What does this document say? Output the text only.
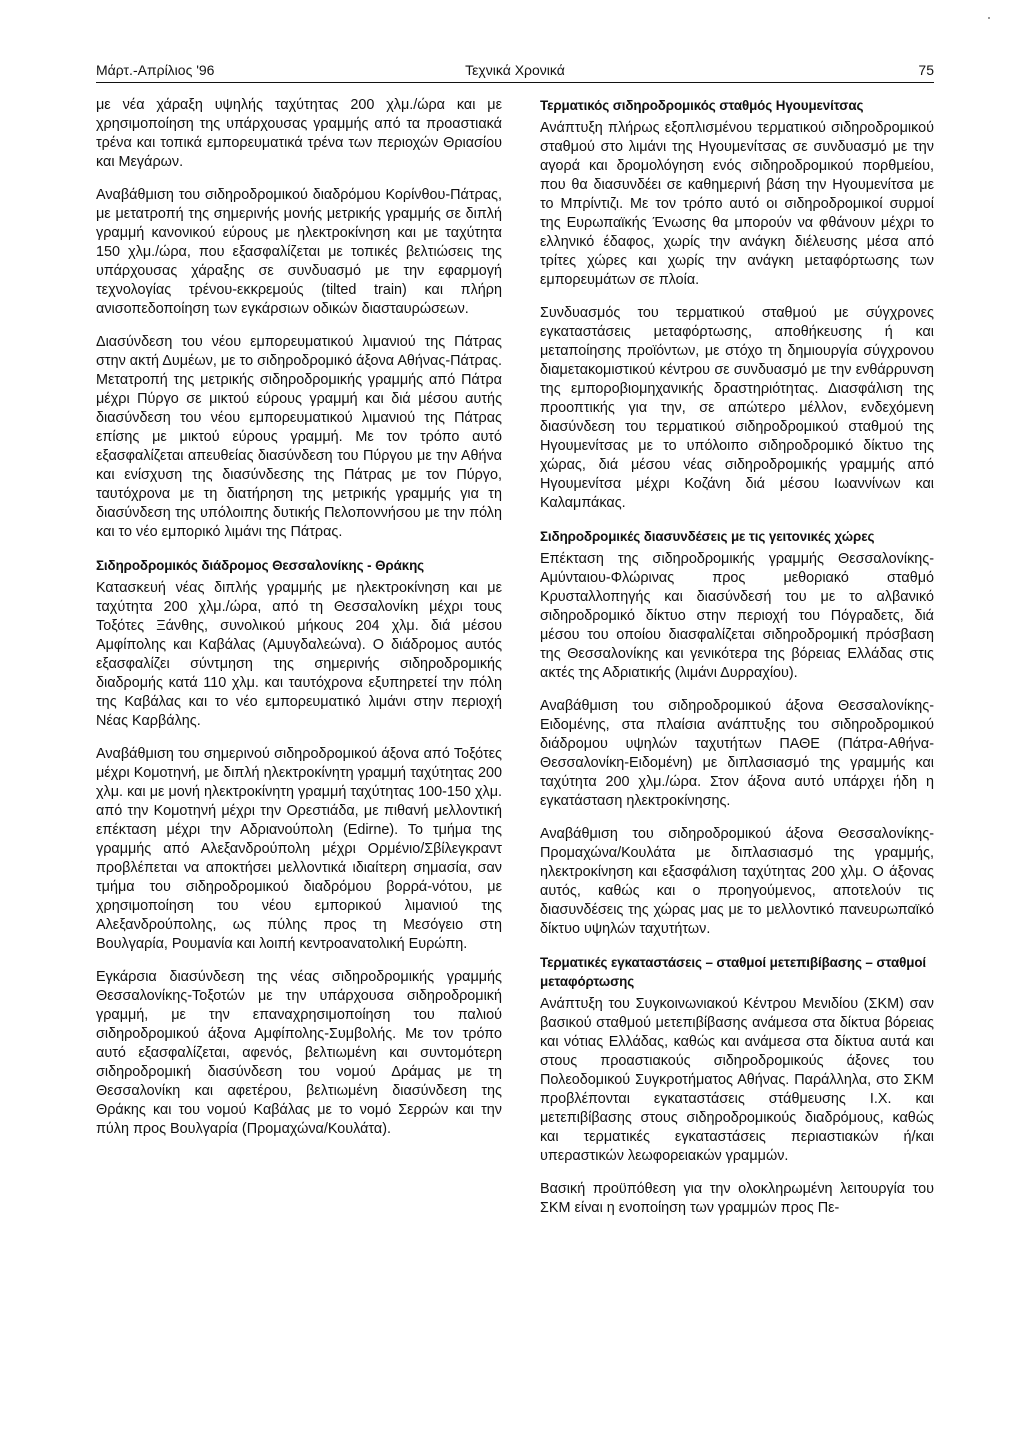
Μάρτ.-Απρίλιος '96	Τεχνικά Χρονικά	75

με νέα χάραξη υψηλής ταχύτητας 200 χλμ./ώρα και με χρησιμοποίηση της υπάρχουσας γραμμής από τα προαστιακά τρένα και τοπικά εμπορευματικά τρένα των περιοχών Θριασίου και Μεγάρων.

Αναβάθμιση του σιδηροδρομικού διαδρόμου Κορίνθου-Πάτρας, με μετατροπή της σημερινής μονής μετρικής γραμμής σε διπλή γραμμή κανονικού εύρους με ηλεκτροκίνηση και με ταχύτητα 150 χλμ./ώρα, που εξασφαλίζεται με τοπικές βελτιώσεις της υπάρχουσας χάραξης σε συνδυασμό με την εφαρμογή τεχνολογίας τρένου-εκκρεμούς (tilted train) και πλήρη ανισοπεδοποίηση των εγκάρσιων οδικών διασταυρώσεων.

Διασύνδεση του νέου εμπορευματικού λιμανιού της Πάτρας στην ακτή Δυμέων, με το σιδηροδρομικό άξονα Αθήνας-Πάτρας. Μετατροπή της μετρικής σιδηροδρομικής γραμμής από Πάτρα μέχρι Πύργο σε μικτού εύρους γραμμή και διά μέσου αυτής διασύνδεση του νέου εμπορευματικού λιμανιού της Πάτρας επίσης με μικτού εύρους γραμμή. Με τον τρόπο αυτό εξασφαλίζεται απευθείας διασύνδεση του Πύργου με την Αθήνα και ενίσχυση της διασύνδεσης της Πάτρας με τον Πύργο, ταυτόχρονα με τη διατήρηση της μετρικής γραμμής για τη διασύνδεση της υπόλοιπης δυτικής Πελοποννήσου με την πόλη και το νέο εμπορικό λιμάνι της Πάτρας.

Σιδηροδρομικός διάδρομος Θεσσαλονίκης - Θράκης

Κατασκευή νέας διπλής γραμμής με ηλεκτροκίνηση και με ταχύτητα 200 χλμ./ώρα, από τη Θεσσαλονίκη μέχρι τους Τοξότες Ξάνθης, συνολικού μήκους 204 χλμ. διά μέσου Αμφίπολης και Καβάλας (Αμυγδαλεώνα). Ο διάδρομος αυτός εξασφαλίζει σύντμηση της σημερινής σιδηροδρομικής διαδρομής κατά 110 χλμ. και ταυτόχρονα εξυπηρετεί την πόλη της Καβάλας και το νέο εμπορευματικό λιμάνι στην περιοχή Νέας Καρβάλης.

Αναβάθμιση του σημερινού σιδηροδρομικού άξονα από Τοξότες μέχρι Κομοτηνή, με διπλή ηλεκτροκίνητη γραμμή ταχύτητας 200 χλμ. και με μονή ηλεκτροκίνητη γραμμή ταχύτητας 100-150 χλμ. από την Κομοτηνή μέχρι την Ορεστιάδα, με πιθανή μελλοντική επέκταση μέχρι την Αδριανούπολη (Edirne). Το τμήμα της γραμμής από Αλεξανδρούπολη μέχρι Ορμένιο/Σβίλεγκραντ προβλέπεται να αποκτήσει μελλοντικά ιδιαίτερη σημασία, σαν τμήμα του σιδηροδρομικού διαδρόμου βορρά-νότου, με χρησιμοποίηση του νέου εμπορικού λιμανιού της Αλεξανδρούπολης, ως πύλης προς τη Μεσόγειο στη Βουλγαρία, Ρουμανία και λοιπή κεντροανατολική Ευρώπη.

Εγκάρσια διασύνδεση της νέας σιδηροδρομικής γραμμής Θεσσαλονίκης-Τοξοτών με την υπάρχουσα σιδηροδρομική γραμμή, με την επαναχρησιμοποίηση του παλιού σιδηροδρομικού άξονα Αμφίπολης-Συμβολής. Με τον τρόπο αυτό εξασφαλίζεται, αφενός, βελτιωμένη και συντομότερη σιδηροδρομική διασύνδεση του νομού Δράμας με τη Θεσσαλονίκη και αφετέρου, βελτιωμένη διασύνδεση της Θράκης και του νομού Καβάλας με το νομό Σερρών και την πύλη προς Βουλγαρία (Προμαχώνα/Κουλάτα).

Τερματικός σιδηροδρομικός σταθμός Ηγουμενίτσας

Ανάπτυξη πλήρως εξοπλισμένου τερματικού σιδηροδρομικού σταθμού στο λιμάνι της Ηγουμενίτσας σε συνδυασμό με την αγορά και δρομολόγηση ενός σιδηροδρομικού πορθμείου, που θα διασυνδέει σε καθημερινή βάση την Ηγουμενίτσα με το Μπρίντιζι. Με τον τρόπο αυτό οι σιδηροδρομικοί συρμοί της Ευρωπαϊκής Ένωσης θα μπορούν να φθάνουν μέχρι το ελληνικό έδαφος, χωρίς την ανάγκη διέλευσης μέσα από τρίτες χώρες και χωρίς την ανάγκη μεταφόρτωσης των εμπορευμάτων σε πλοία.

Συνδυασμός του τερματικού σταθμού με σύγχρονες εγκαταστάσεις μεταφόρτωσης, αποθήκευσης ή και μεταποίησης προϊόντων, με στόχο τη δημιουργία σύγχρονου διαμετακομιστικού κέντρου σε συνδυασμό με την ενθάρρυνση της εμποροβιομηχανικής δραστηριότητας. Διασφάλιση της προοπτικής για την, σε απώτερο μέλλον, ενδεχόμενη διασύνδεση του τερματικού σιδηροδρομικού σταθμού της Ηγουμενίτσας με το υπόλοιπο σιδηροδρομικό δίκτυο της χώρας, διά μέσου νέας σιδηροδρομικής γραμμής από Ηγουμενίτσα μέχρι Κοζάνη διά μέσου Ιωαννίνων και Καλαμπάκας.

Σιδηροδρομικές διασυνδέσεις με τις γειτονικές χώρες

Επέκταση της σιδηροδρομικής γραμμής Θεσσαλονίκης-Αμύνταιου-Φλώρινας προς μεθοριακό σταθμό Κρυσταλλοπηγής και διασύνδεσή του με το αλβανικό σιδηροδρομικό δίκτυο στην περιοχή του Πόγραδετς, διά μέσου του οποίου διασφαλίζεται σιδηροδρομική πρόσβαση της Θεσσαλονίκης και γενικότερα της βόρειας Ελλάδας στις ακτές της Αδριατικής (λιμάνι Δυρραχίου).

Αναβάθμιση του σιδηροδρομικού άξονα Θεσσαλονίκης-Ειδομένης, στα πλαίσια ανάπτυξης του σιδηροδρομικού διάδρομου υψηλών ταχυτήτων ΠΑΘΕ (Πάτρα-Αθήνα-Θεσσαλονίκη-Ειδομένη) με διπλασιασμό της γραμμής και ταχύτητα 200 χλμ./ώρα. Στον άξονα αυτό υπάρχει ήδη η εγκατάσταση ηλεκτροκίνησης.

Αναβάθμιση του σιδηροδρομικού άξονα Θεσσαλονίκης-Προμαχώνα/Κουλάτα με διπλασιασμό της γραμμής, ηλεκτροκίνηση και εξασφάλιση ταχύτητας 200 χλμ. Ο άξονας αυτός, καθώς και ο προηγούμενος, αποτελούν τις διασυνδέσεις της χώρας μας με το μελλοντικό πανευρωπαϊκό δίκτυο υψηλών ταχυτήτων.

Τερματικές εγκαταστάσεις – σταθμοί μετεπιβίβασης – σταθμοί μεταφόρτωσης

Ανάπτυξη του Συγκοινωνιακού Κέντρου Μενιδίου (ΣΚΜ) σαν βασικού σταθμού μετεπιβίβασης ανάμεσα στα δίκτυα βόρειας και νότιας Ελλάδας, καθώς και ανάμεσα στα δίκτυα αυτά και στους προαστιακούς σιδηροδρομικούς άξονες του Πολεοδομικού Συγκροτήματος Αθήνας. Παράλληλα, στο ΣΚΜ προβλέπονται εγκαταστάσεις στάθμευσης Ι.Χ. και μετεπιβίβασης στους σιδηροδρομικούς διαδρόμους, καθώς και τερματικές εγκαταστάσεις περιαστιακών ή/και υπεραστικών λεωφορειακών γραμμών.

Βασική προϋπόθεση για την ολοκληρωμένη λειτουργία του ΣΚΜ είναι η ενοποίηση των γραμμών προς Πε-
